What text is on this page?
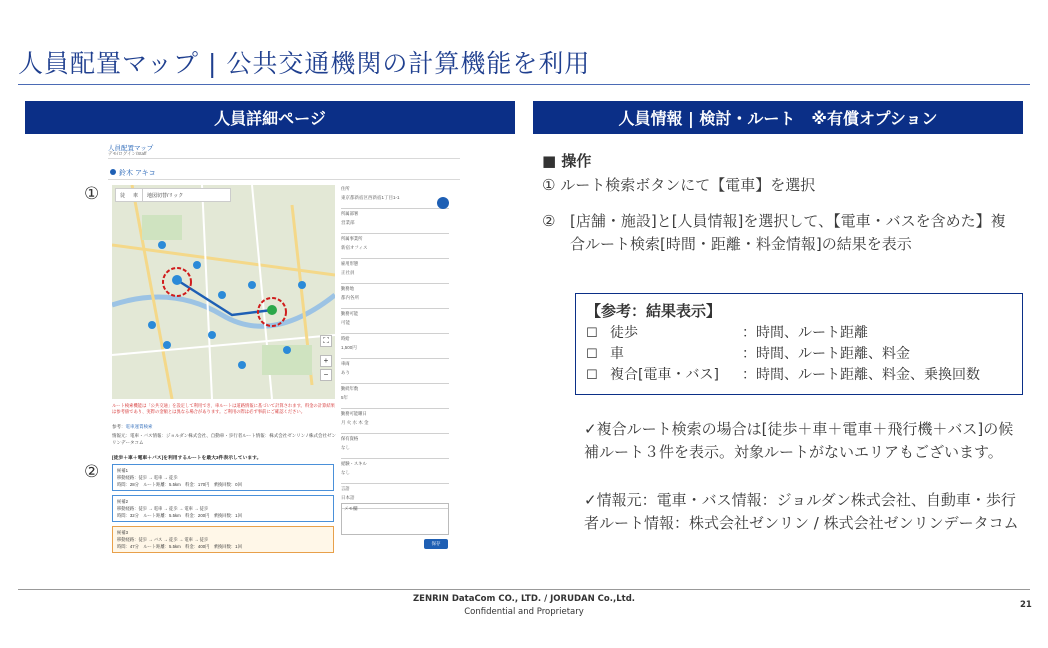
人員配置マップ | 公共交通機関の計算機能を利用
人員詳細ページ	人員情報 | 検討・ルート　※有償オプション
人員配置マップ
デモ/ログイン/Staff
鈴木 アキコ
徒	車	地図切替/リック
⛶
+
−
ルート検索機能は「公共交通」を設定して利用でき、車ルートは道路情報に基づいて計算されます。料金の計算結果は参考値であり、実際の金額とは異なる場合があります。ご利用の際は必ず事前にご確認ください。
参考：電車運賃検索
情報元：電車・バス情報：ジョルダン株式会社、自動車・歩行者ルート情報：株式会社ゼンリン / 株式会社ゼンリンデータコム
[徒歩＋車＋電車＋バス]を利用するルートを最大3件表示しています。
候補1
移動経路：徒歩 → 電車 → 徒歩
時間：28分　ルート距離：5.5km　料金：170円　乗換回数：0回
候補2
移動経路：徒歩 → 電車 → 徒歩 → 電車 → 徒歩
時間：32分　ルート距離：5.5km　料金：200円　乗換回数：1回
候補3
移動経路：徒歩 → バス → 徒歩 → 電車 → 徒歩
時間：47分　ルート距離：5.5km　料金：400円　乗換回数：1回
住所
東京都新宿区西新宿1丁目1-1
所属部署
営業部
所属事業所
新宿オフィス
雇用形態
正社員
勤務地
都内各所
勤務可能
可能
時給
1,500円
車両
あり
勤続年数
5年
勤務可能曜日
月 火 水 木 金
保有資格
なし
経験・スキル
なし
言語
日本語
メモ欄
保存
①
②
■ 操作
① ルート検索ボタンにて【電車】を選択
② [店舗・施設]と[人員情報]を選択して、【電車・バスを含めた】複合ルート検索[時間・距離・料金情報]の結果を表示
【参考：結果表示】
☐ 徒歩	：時間、ルート距離
☐ 車	：時間、ルート距離、料金
☐ 複合[電車・バス]	：時間、ルート距離、料金、乗換回数
✓複合ルート検索の場合は[徒歩＋車＋電車＋飛行機＋バス]の候補ルート３件を表示。対象ルートがないエリアもございます。
✓情報元：電車・バス情報：ジョルダン株式会社、自動車・歩行者ルート情報：株式会社ゼンリン / 株式会社ゼンリンデータコム
ZENRIN DataCom CO., LTD. / JORUDAN Co.,Ltd.
Confidential and Proprietary
21
